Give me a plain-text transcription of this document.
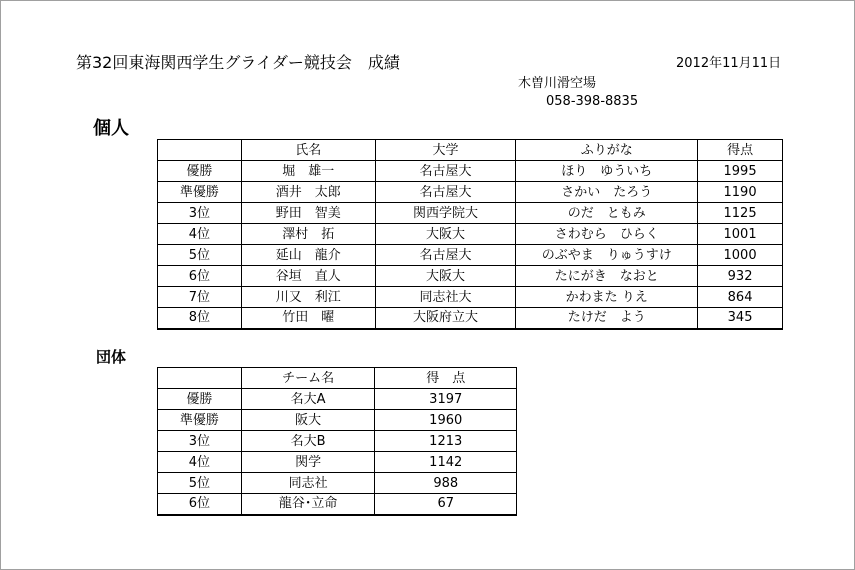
第32回東海関西学生グライダー競技会　成績	2012年11月11日
木曽川滑空場
058-398-8835
個人
	氏名	大学	ふりがな	得点
優勝	堀　雄一	名古屋大	ほり　ゆういち	1995
準優勝	酒井　太郎	名古屋大	さかい　たろう	1190
3位	野田　智美	関西学院大	のだ　ともみ	1125
4位	澤村　拓	大阪大	さわむら　ひらく	1001
5位	延山　龍介	名古屋大	のぶやま　りゅうすけ	1000
6位	谷垣　直人	大阪大	たにがき　なおと	932
7位	川又　利江	同志社大	かわまた りえ	864
8位	竹田　曜	大阪府立大	たけだ　よう	345
団体
	チーム名	得　点
優勝	名大A	3197
準優勝	阪大	1960
3位	名大B	1213
4位	関学	1142
5位	同志社	988
6位	龍谷･立命	67
